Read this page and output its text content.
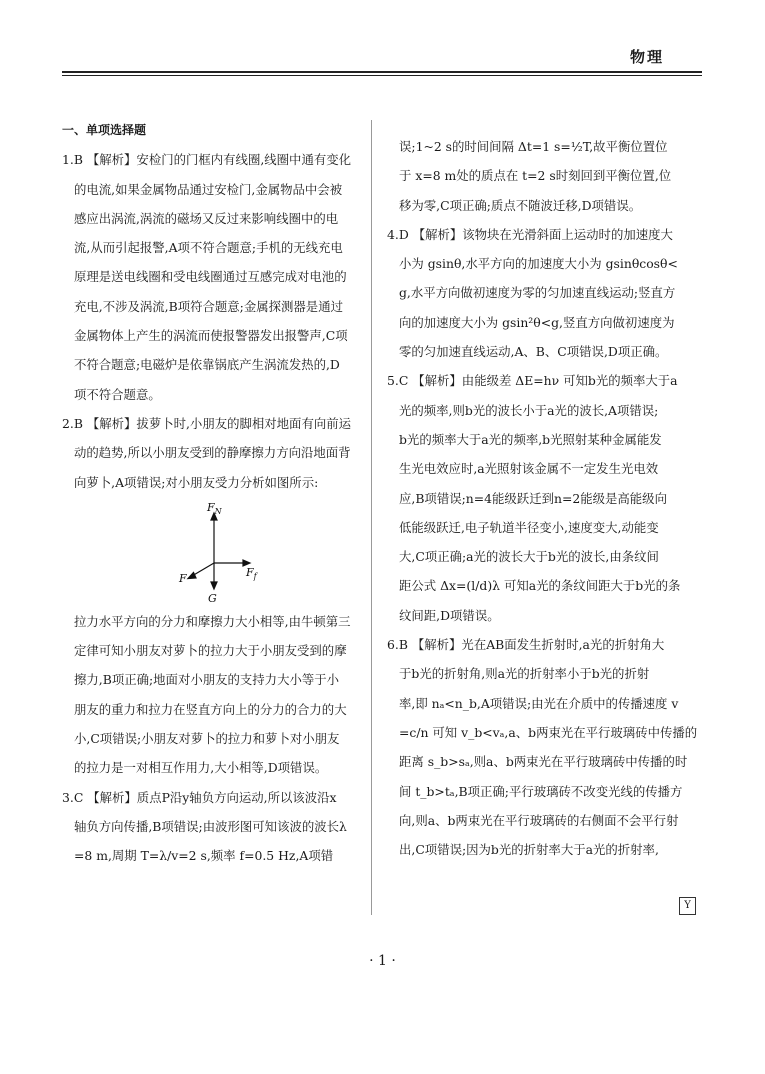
物理

一、单项选择题

1.B 【解析】安检门的门框内有线圈,线圈中通有变化

的电流,如果金属物品通过安检门,金属物品中会被

感应出涡流,涡流的磁场又反过来影响线圈中的电

流,从而引起报警,A项不符合题意;手机的无线充电

原理是送电线圈和受电线圈通过互感完成对电池的

充电,不涉及涡流,B项符合题意;金属探测器是通过

金属物体上产生的涡流而使报警器发出报警声,C项

不符合题意;电磁炉是依靠锅底产生涡流发热的,D

项不符合题意。

2.B 【解析】拔萝卜时,小朋友的脚相对地面有向前运

动的趋势,所以小朋友受到的静摩擦力方向沿地面背

向萝卜,A项错误;对小朋友受力分析如图所示:

$F_N$
F	$F_f$
G

拉力水平方向的分力和摩擦力大小相等,由牛顿第三

定律可知小朋友对萝卜的拉力大于小朋友受到的摩

擦力,B项正确;地面对小朋友的支持力大小等于小

朋友的重力和拉力在竖直方向上的分力的合力的大

小,C项错误;小朋友对萝卜的拉力和萝卜对小朋友

的拉力是一对相互作用力,大小相等,D项错误。

3.C 【解析】质点P沿y轴负方向运动,所以该波沿x

轴负方向传播,B项错误;由波形图可知该波的波长λ

=8 m,周期 T=λ/v=2 s,频率 f=0.5 Hz,A项错

误;1~2 s的时间间隔 Δt=1 s=½T,故平衡位置位

于 x=8 m处的质点在 t=2 s时刻回到平衡位置,位

移为零,C项正确;质点不随波迁移,D项错误。

4.D 【解析】该物块在光滑斜面上运动时的加速度大

小为 gsinθ,水平方向的加速度大小为 gsinθcosθ<

g,水平方向做初速度为零的匀加速直线运动;竖直方

向的加速度大小为 gsin²θ<g,竖直方向做初速度为

零的匀加速直线运动,A、B、C项错误,D项正确。

5.C 【解析】由能级差 ΔE=hν 可知b光的频率大于a

光的频率,则b光的波长小于a光的波长,A项错误;

b光的频率大于a光的频率,b光照射某种金属能发

生光电效应时,a光照射该金属不一定发生光电效

应,B项错误;n=4能级跃迁到n=2能级是高能级向

低能级跃迁,电子轨道半径变小,速度变大,动能变

大,C项正确;a光的波长大于b光的波长,由条纹间

距公式 Δx=(l/d)λ 可知a光的条纹间距大于b光的条

纹间距,D项错误。

6.B 【解析】光在AB面发生折射时,a光的折射角大

于b光的折射角,则a光的折射率小于b光的折射

率,即 nₐ<n_b,A项错误;由光在介质中的传播速度 v

=c/n 可知 v_b<vₐ,a、b两束光在平行玻璃砖中传播的

距离 s_b>sₐ,则a、b两束光在平行玻璃砖中传播的时

间 t_b>tₐ,B项正确;平行玻璃砖不改变光线的传播方

向,则a、b两束光在平行玻璃砖的右侧面不会平行射

出,C项错误;因为b光的折射率大于a光的折射率,

Y
· 1 ·
